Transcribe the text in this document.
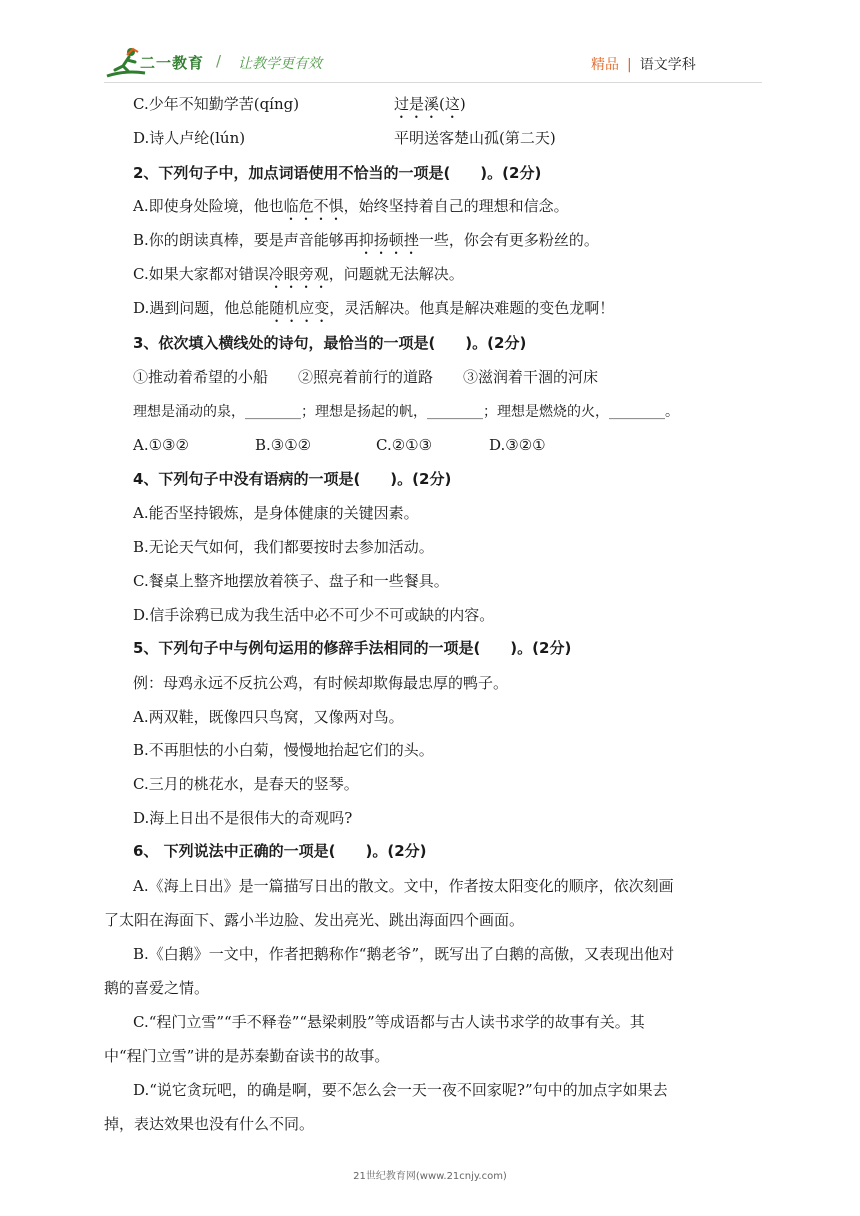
二一教育 / 让教学更有效	精品 | 语文学科
C.少年不知勤学苦(qíng)	过是溪(这)
D.诗人卢纶(lún)	平明送客楚山孤(第二天)
2、下列句子中，加点词语使用不恰当的一项是(　　)。(2分)
A.即使身处险境，他也临危不惧，始终坚持着自己的理想和信念。
B.你的朗读真棒，要是声音能够再抑扬顿挫一些，你会有更多粉丝的。
C.如果大家都对错误冷眼旁观，问题就无法解决。
D.遇到问题，他总能随机应变，灵活解决。他真是解决难题的变色龙啊！
3、依次填入横线处的诗句，最恰当的一项是(　　)。(2分)
①推动着希望的小船　　②照亮着前行的道路　　③滋润着干涸的河床
理想是涌动的泉，________；理想是扬起的帆，________；理想是燃烧的火，________。
A.①③②	B.③①②	C.②①③	D.③②①
4、下列句子中没有语病的一项是(　　)。(2分)
A.能否坚持锻炼，是身体健康的关键因素。
B.无论天气如何，我们都要按时去参加活动。
C.餐桌上整齐地摆放着筷子、盘子和一些餐具。
D.信手涂鸦已成为我生活中必不可少不可或缺的内容。
5、下列句子中与例句运用的修辞手法相同的一项是(　　)。(2分)
例：母鸡永远不反抗公鸡，有时候却欺侮最忠厚的鸭子。
A.两双鞋，既像四只鸟窝，又像两对鸟。
B.不再胆怯的小白菊，慢慢地抬起它们的头。
C.三月的桃花水，是春天的竖琴。
D.海上日出不是很伟大的奇观吗?
6、 下列说法中正确的一项是(　　)。(2分)
A.《海上日出》是一篇描写日出的散文。文中，作者按太阳变化的顺序，依次刻画
了太阳在海面下、露小半边脸、发出亮光、跳出海面四个画面。
B.《白鹅》一文中，作者把鹅称作“鹅老爷”，既写出了白鹅的高傲，又表现出他对
鹅的喜爱之情。
C.“程门立雪”“手不释卷”“悬梁刺股”等成语都与古人读书求学的故事有关。其
中“程门立雪”讲的是苏秦勤奋读书的故事。
D.“说它贪玩吧，的确是啊，要不怎么会一天一夜不回家呢?”句中的加点字如果去
掉，表达效果也没有什么不同。
21世纪教育网(www.21cnjy.com)
